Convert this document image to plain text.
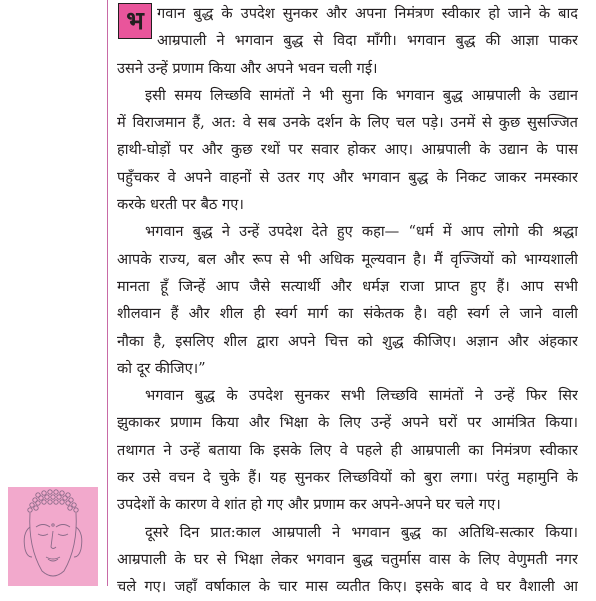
भ गवान बुद्ध के उपदेश सुनकर और अपना निमंत्रण स्वीकार हो जाने के बाद
आम्रपाली ने भगवान बुद्ध से विदा माँगी। भगवान बुद्ध की आज्ञा पाकर
उसने उन्हें प्रणाम किया और अपने भवन चली गई।
इसी समय लिच्छवि सामंतों ने भी सुना कि भगवान बुद्ध आम्रपाली के उद्यान
में विराजमान हैं, अत: वे सब उनके दर्शन के लिए चल पड़े। उनमें से कुछ सुसज्जित
हाथी-घोड़ों पर और कुछ रथों पर सवार होकर आए। आम्रपाली के उद्यान के पास
पहुँचकर वे अपने वाहनों से उतर गए और भगवान बुद्ध के निकट जाकर नमस्कार
करके धरती पर बैठ गए।
भगवान बुद्ध ने उन्हें उपदेश देते हुए कहा— “धर्म में आप लोगो की श्रद्धा
आपके राज्य, बल और रूप से भी अधिक मूल्यवान है। मैं वृज्जियों को भाग्यशाली
मानता हूँ जिन्हें आप जैसे सत्यार्थी और धर्मज्ञ राजा प्राप्त हुए हैं। आप सभी
शीलवान हैं और शील ही स्वर्ग मार्ग का संकेतक है। वही स्वर्ग ले जाने वाली
नौका है, इसलिए शील द्वारा अपने चित्त को शुद्ध कीजिए। अज्ञान और अंहकार
को दूर कीजिए।”
भगवान बुद्ध के उपदेश सुनकर सभी लिच्छवि सामंतों ने उन्हें फिर सिर
झुकाकर प्रणाम किया और भिक्षा के लिए उन्हें अपने घरों पर आमंत्रित किया।
तथागत ने उन्हें बताया कि इसके लिए वे पहले ही आम्रपाली का निमंत्रण स्वीकार
कर उसे वचन दे चुके हैं। यह सुनकर लिच्छवियों को बुरा लगा। परंतु महामुनि के
उपदेशों के कारण वे शांत हो गए और प्रणाम कर अपने-अपने घर चले गए।
दूसरे दिन प्रात:काल आम्रपाली ने भगवान बुद्ध का अतिथि-सत्कार किया।
आम्रपाली के घर से भिक्षा लेकर भगवान बुद्ध चतुर्मास वास के लिए वेणुमती नगर
चले गए। जहाँ वर्षाकाल के चार मास व्यतीत किए। इसके बाद वे घर वैशाली आ
